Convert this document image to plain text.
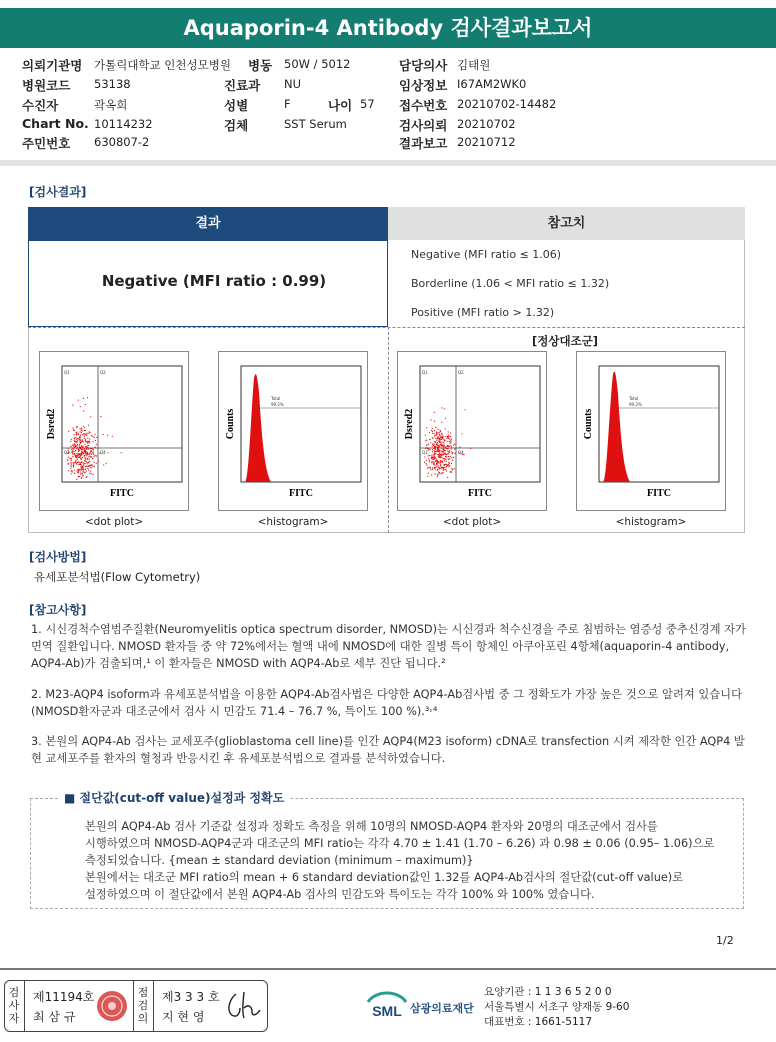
Aquaporin-4 Antibody 검사결과보고서
의뢰기관명 가톨릭대학교 인천성모병원 병동 50W / 5012	담당의사 김태원
병원코드 53138	진료과 NU	임상정보 I67AM2WK0
수진자	곽옥희	성별	F	나이 57 접수번호 20210702-14482
Chart No. 10114232	검체	SST Serum	검사의뢰 20210702
주민번호 630807-2	결과보고 20210712
[검사결과]
결과	참고치
Negative (MFI ratio : 0.99)
Negative (MFI ratio ≤ 1.06)
Borderline (1.06 < MFI ratio ≤ 1.32)
Positive (MFI ratio > 1.32)
[정상대조군]
Q1	Q2
Q3	Q4
Dsred2
FITC
<dot plot>
Total
99.2%
Counts
FITC
<histogram>
Q1	Q2
Q3	Q4
Dsred2
FITC
<dot plot>
Total
99.2%
Counts
FITC
<histogram>
[검사방법]
유세포분석법(Flow Cytometry)
[참고사항]
1. 시신경척수염범주질환(Neuromyelitis optica spectrum disorder, NMOSD)는 시신경과 척수신경을 주로 침범하는 염증성 중추신경계 자가면역 질환입니다. NMOSD 환자들 중 약 72%에서는 혈액 내에 NMOSD에 대한 질병 특이 항체인 아쿠아포린 4항체(aquaporin-4 antibody, AQP4-Ab)가 검출되며,¹ 이 환자들은 NMOSD with AQP4-Ab로 세부 진단 됩니다.²
2. M23-AQP4 isoform과 유세포분석법을 이용한 AQP4-Ab검사법은 다양한 AQP4-Ab검사법 중 그 정확도가 가장 높은 것으로 알려져 있습니다(NMOSD환자군과 대조군에서 검사 시 민감도 71.4 – 76.7 %, 특이도 100 %).³˒⁴
3. 본원의 AQP4-Ab 검사는 교세포주(glioblastoma cell line)를 인간 AQP4(M23 isoform) cDNA로 transfection 시켜 제작한 인간 AQP4 발현 교세포주를 환자의 혈청과 반응시킨 후 유세포분석법으로 결과를 분석하였습니다.
■ 절단값(cut-off value)설정과 정확도
본원의 AQP4-Ab 검사 기준값 설정과 정확도 측정을 위해 10명의 NMOSD-AQP4 환자와 20명의 대조군에서 검사를
시행하였으며 NMOSD-AQP4군과 대조군의 MFI ratio는 각각 4.70 ± 1.41 (1.70 – 6.26) 과 0.98 ± 0.06 (0.95– 1.06)으로
측정되었습니다. {mean ± standard deviation (minimum – maximum)}
본원에서는 대조군 MFI ratio의 mean + 6 standard deviation값인 1.32를 AQP4-Ab검사의 절단값(cut-off value)로
설정하였으며 이 절단값에서 본원 AQP4-Ab 검사의 민감도와 특이도는 각각 100% 와 100% 였습니다.
1/2
검
사
자
제11194호
최 삼 규
점
검
의
제3 3 3 호
지 현 영	SML 삼광의료재단
요양기관 : 1 1 3 6 5 2 0 0
서울특별시 서초구 양재동 9-60
대표번호 : 1661-5117
